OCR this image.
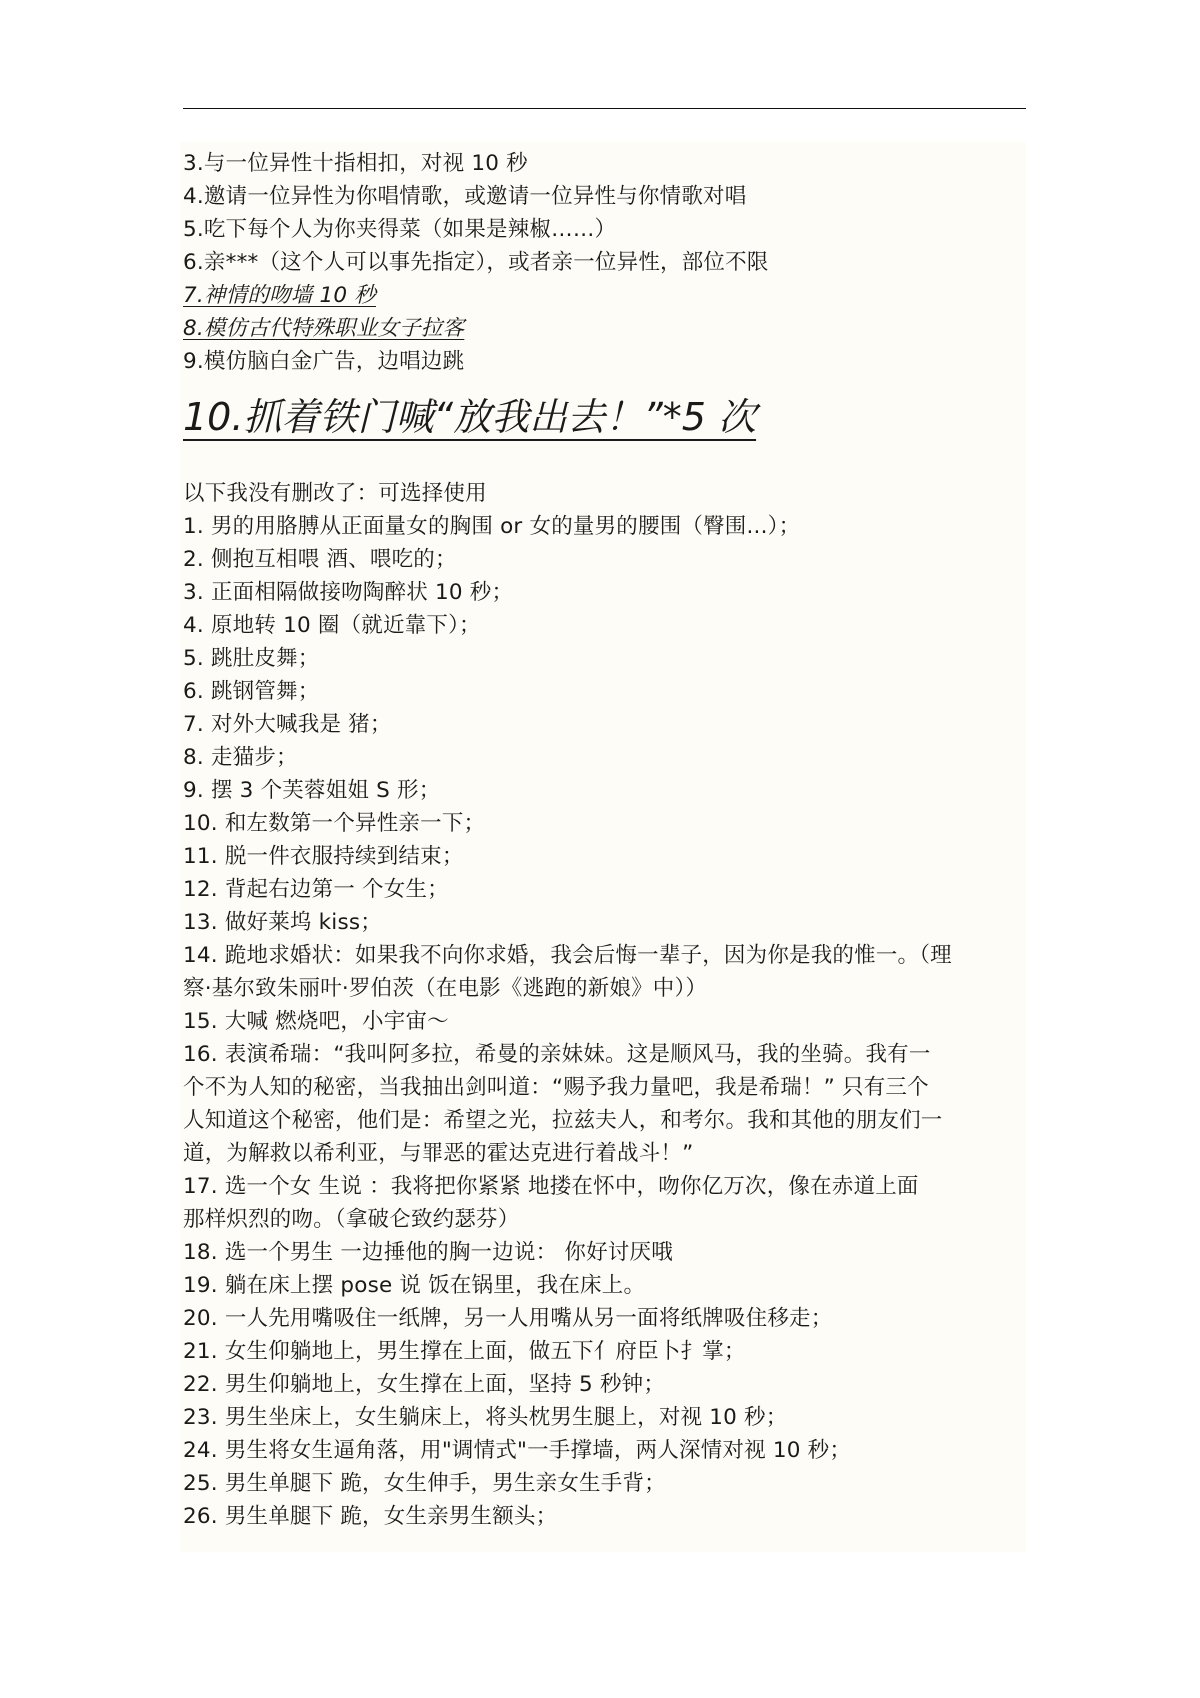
3.与一位异性十指相扣，对视 10 秒
4.邀请一位异性为你唱情歌，或邀请一位异性与你情歌对唱
5.吃下每个人为你夹得菜（如果是辣椒……）
6.亲***（这个人可以事先指定），或者亲一位异性，部位不限
7.神情的吻墙 10 秒
8.模仿古代特殊职业女子拉客
9.模仿脑白金广告，边唱边跳
10.抓着铁门喊“放我出去！”*5 次
以下我没有删改了：可选择使用
1. 男的用胳膊从正面量女的胸围 or 女的量男的腰围（臀围...）；
2. 侧抱互相喂 酒、喂吃的；
3. 正面相隔做接吻陶醉状 10 秒；
4. 原地转 10 圈（就近靠下）；
5. 跳肚皮舞；
6. 跳钢管舞；
7. 对外大喊我是 猪；
8. 走猫步；
9. 摆 3 个芙蓉姐姐 S 形；
10. 和左数第一个异性亲一下；
11. 脱一件衣服持续到结束；
12. 背起右边第一 个女生；
13. 做好莱坞 kiss；
14. 跪地求婚状：如果我不向你求婚，我会后悔一辈子，因为你是我的惟一。（理
察·基尔致朱丽叶·罗伯茨（在电影《逃跑的新娘》中））
15. 大喊 燃烧吧，小宇宙～
16. 表演希瑞：“我叫阿多拉，希曼的亲妹妹。这是顺风马，我的坐骑。我有一
个不为人知的秘密，当我抽出剑叫道：“赐予我力量吧，我是希瑞！” 只有三个
人知道这个秘密，他们是：希望之光，拉兹夫人，和考尔。我和其他的朋友们一
道，为解救以希利亚，与罪恶的霍达克进行着战斗！”
17. 选一个女 生说 ：我将把你紧紧 地搂在怀中，吻你亿万次，像在赤道上面
那样炽烈的吻。（拿破仑致约瑟芬）
18. 选一个男生 一边捶他的胸一边说： 你好讨厌哦
19. 躺在床上摆 pose 说 饭在锅里，我在床上。
20. 一人先用嘴吸住一纸牌，另一人用嘴从另一面将纸牌吸住移走；
21. 女生仰躺地上，男生撑在上面，做五下亻府臣卜扌掌；
22. 男生仰躺地上，女生撑在上面，坚持 5 秒钟；
23. 男生坐床上，女生躺床上，将头枕男生腿上，对视 10 秒；
24. 男生将女生逼角落，用"调情式"一手撑墙，两人深情对视 10 秒；
25. 男生单腿下 跪，女生伸手，男生亲女生手背；
26. 男生单腿下 跪，女生亲男生额头；
